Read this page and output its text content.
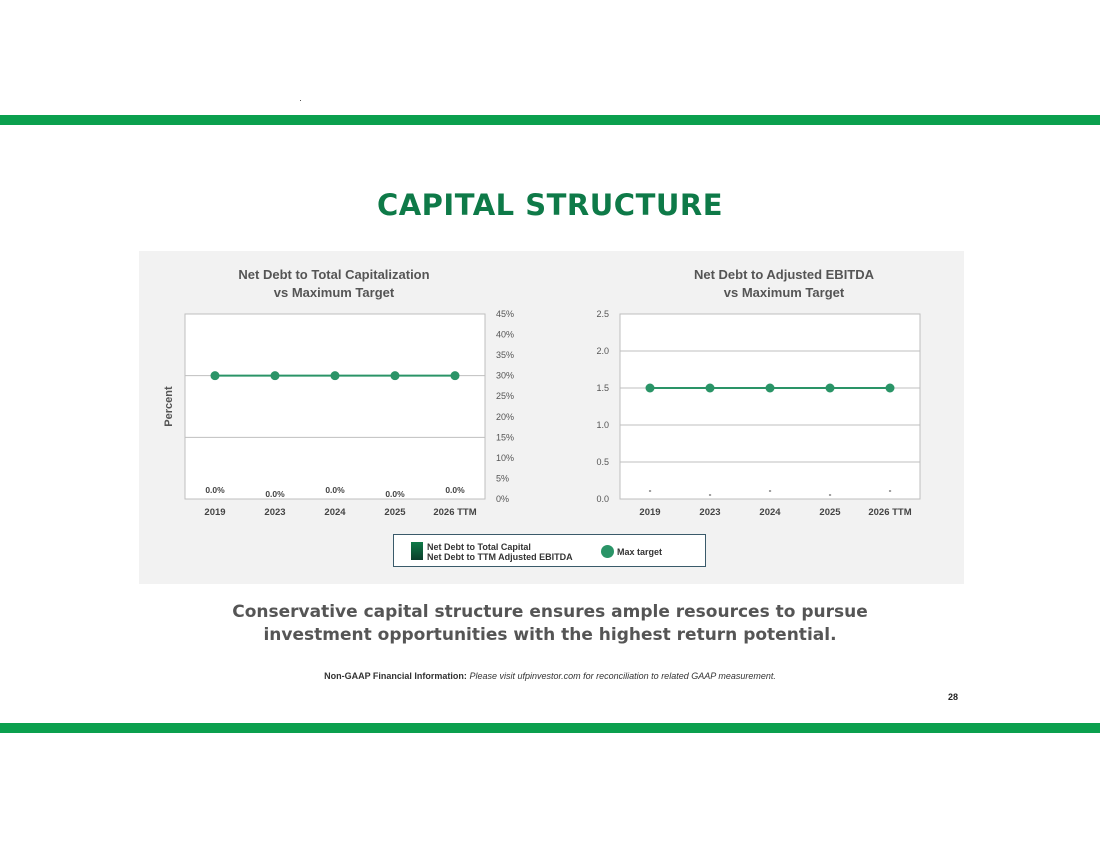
CAPITAL STRUCTURE
Net Debt to Total Capitalization
vs Maximum Target
0%
5%
10%
15%
20%
25%
30%
35%
40%
45%
2019	2023	2024	2025	2026 TTM
Percent
0.0%	0.0%	0.0%	0.0%	0.0%
Net Debt to Adjusted EBITDA
vs Maximum Target
0.0
0.5
1.0
1.5
2.0
2.5
2019	2023	2024	2025	2026 TTM
-	-	-	-	-
Net Debt to Total Capital
Net Debt to TTM Adjusted EBITDA	Max target
Conservative capital structure ensures ample resources to pursue
investment opportunities with the highest return potential.
Non-GAAP Financial Information: Please visit ufpinvestor.com for reconciliation to related GAAP measurement.
28
